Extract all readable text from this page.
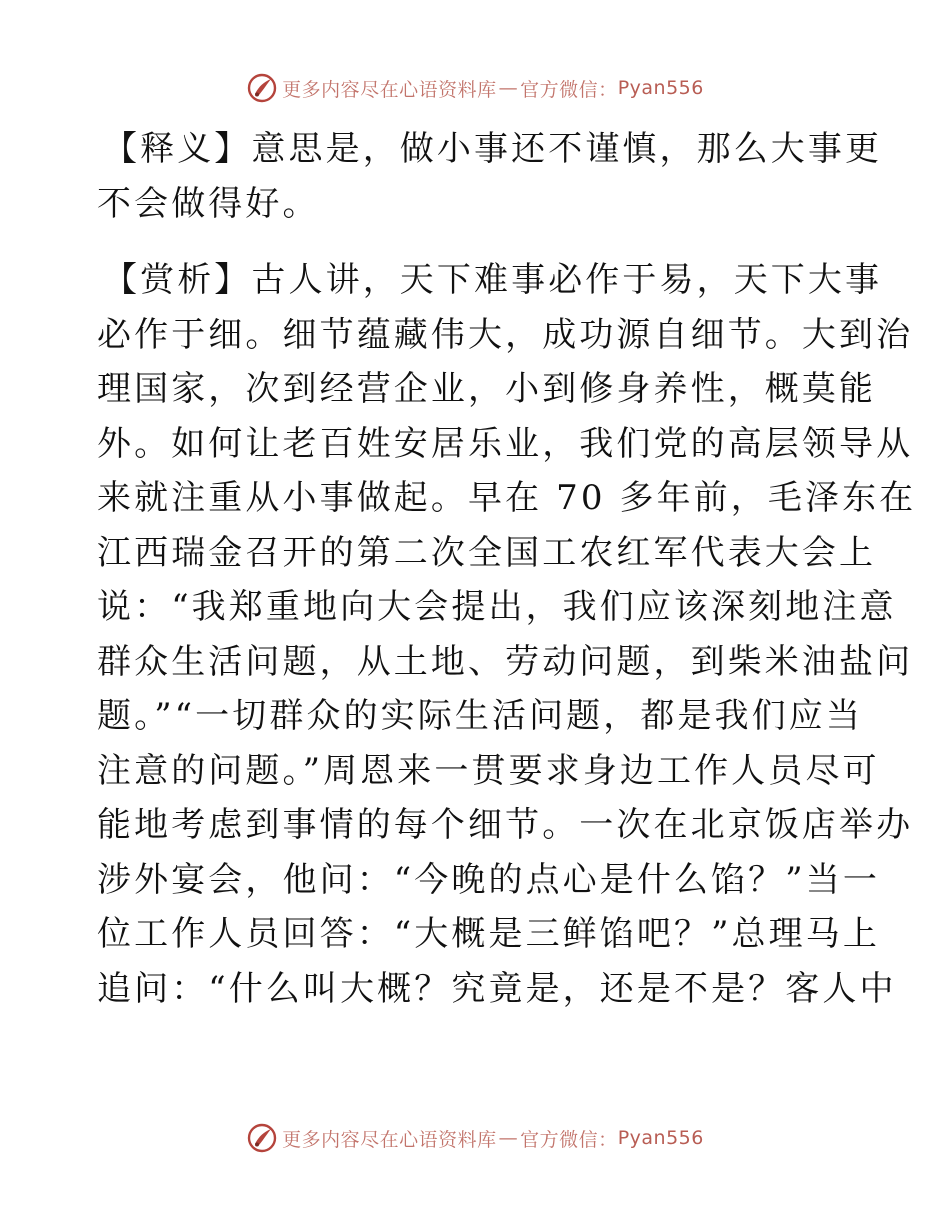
更多内容尽在心语资料库 — 官方微信： Pyan556

【释义】意思是，做小事还不谨慎，那么大事更
不会做得好。

【赏析】古人讲，天下难事必作于易，天下大事
必作于细。细节蕴藏伟大，成功源自细节。大到治
理国家，次到经营企业，小到修身养性，概莫能
外。如何让老百姓安居乐业，我们党的高层领导从
来就注重从小事做起。早在 70 多年前，毛泽东在
江西瑞金召开的第二次全国工农红军代表大会上
说：“我郑重地向大会提出，我们应该深刻地注意
群众生活问题，从土地、劳动问题，到柴米油盐问
题。”“一切群众的实际生活问题，都是我们应当
注意的问题。”周恩来一贯要求身边工作人员尽可
能地考虑到事情的每个细节。一次在北京饭店举办
涉外宴会，他问：“今晚的点心是什么馅？”当一
位工作人员回答：“大概是三鲜馅吧？”总理马上
追问：“什么叫大概？究竟是，还是不是？客人中

更多内容尽在心语资料库 — 官方微信： Pyan556
